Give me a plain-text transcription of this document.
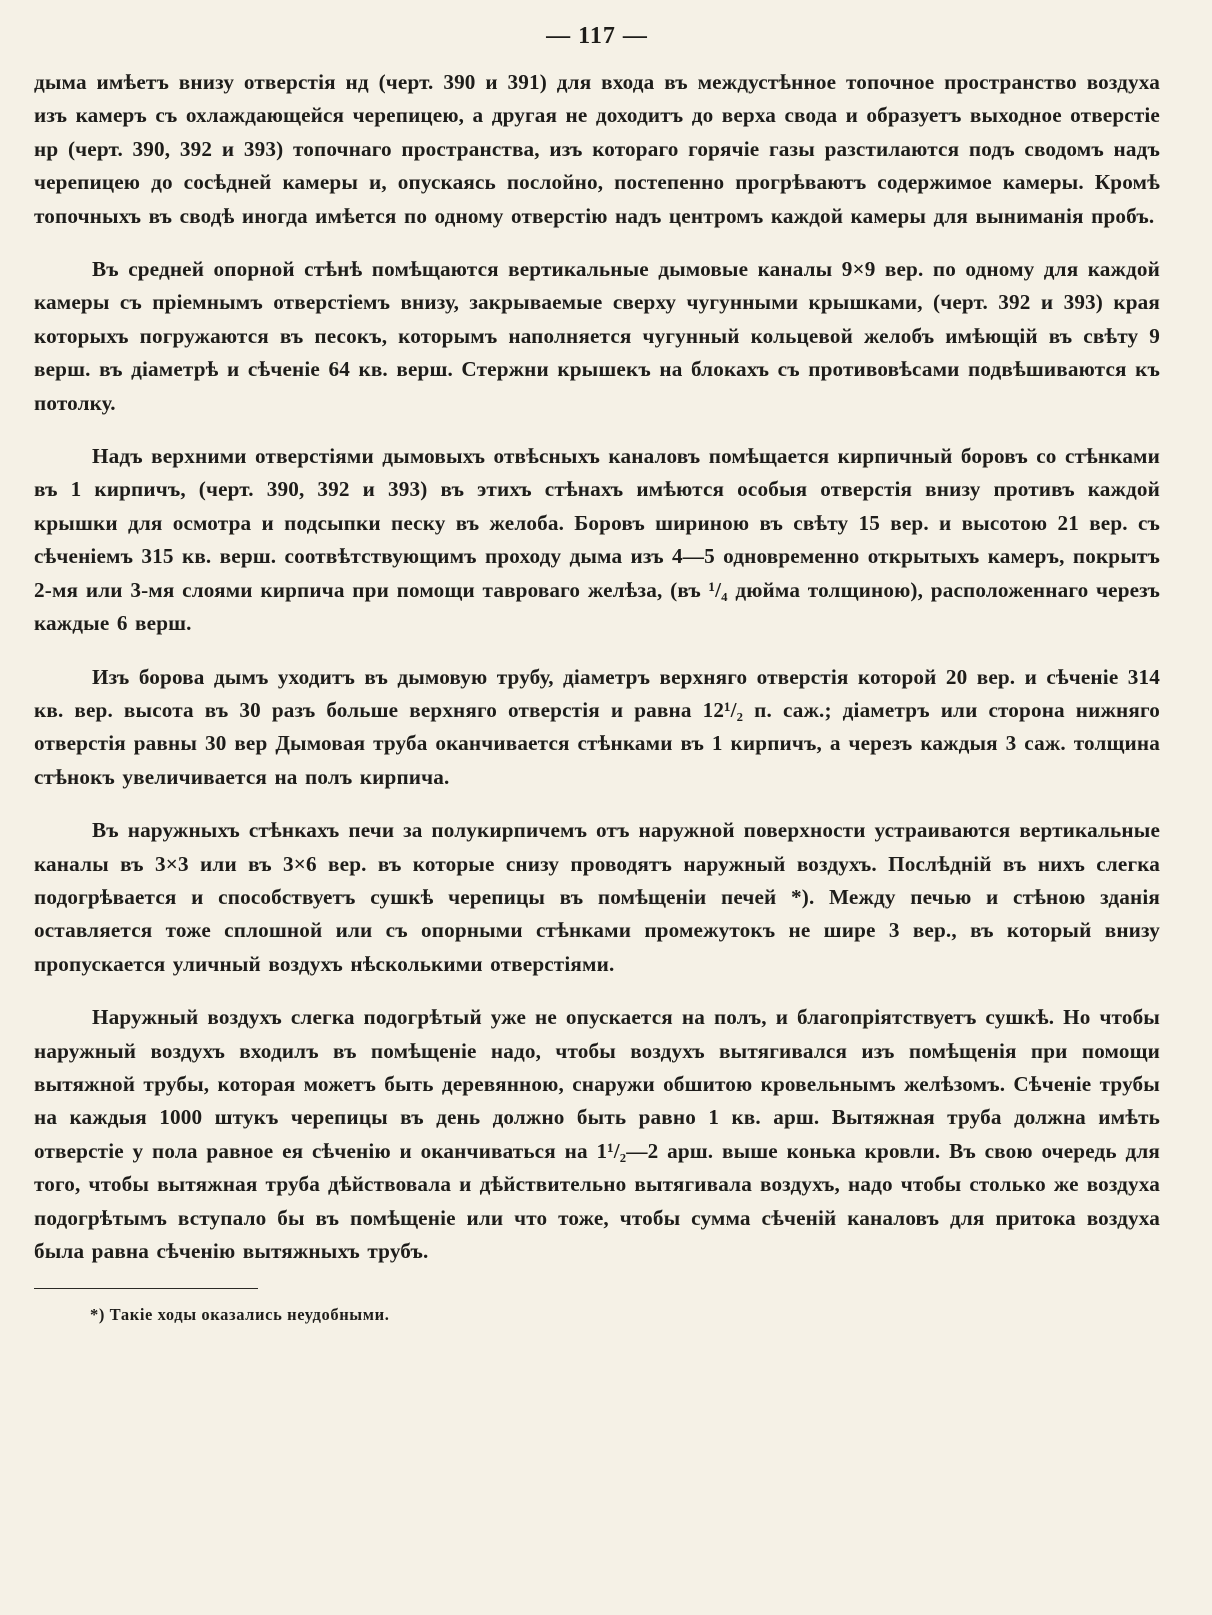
— 117 —

дыма имѣетъ внизу отверстія нд (черт. 390 и 391) для входа въ междустѣнное топочное пространство воздуха изъ камеръ съ охлаждающейся черепицею, а другая не доходитъ до верха свода и образуетъ выходное отверстіе нр (черт. 390, 392 и 393) топочнаго пространства, изъ котораго горячіе газы разстилаются подъ сводомъ надъ черепицею до сосѣдней камеры и, опускаясь послойно, постепенно прогрѣваютъ содержимое камеры. Кромѣ топочныхъ въ сводѣ иногда имѣется по одному отверстію надъ центромъ каждой камеры для выниманія пробъ.

Въ средней опорной стѣнѣ помѣщаются вертикальные дымовые каналы 9×9 вер. по одному для каждой камеры съ пріемнымъ отверстіемъ внизу, закрываемые сверху чугунными крышками, (черт. 392 и 393) края которыхъ погружаются въ песокъ, которымъ наполняется чугунный кольцевой желобъ имѣющій въ свѣту 9 верш. въ діаметрѣ и сѣченіе 64 кв. верш. Стержни крышекъ на блокахъ съ противовѣсами подвѣшиваются къ потолку.

Надъ верхними отверстіями дымовыхъ отвѣсныхъ каналовъ помѣщается кирпичный боровъ со стѣнками въ 1 кирпичъ, (черт. 390, 392 и 393) въ этихъ стѣнахъ имѣются особыя отверстія внизу противъ каждой крышки для осмотра и подсыпки песку въ желоба. Боровъ шириною въ свѣту 15 вер. и высотою 21 вер. съ сѣченіемъ 315 кв. верш. соотвѣтствующимъ проходу дыма изъ 4—5 одновременно открытыхъ камеръ, покрытъ 2-мя или 3-мя слоями кирпича при помощи тавроваго желѣза, (въ ¹/₄ дюйма толщиною), расположеннаго черезъ каждые 6 верш.

Изъ борова дымъ уходитъ въ дымовую трубу, діаметръ верхняго отверстія которой 20 вер. и сѣченіе 314 кв. вер. высота въ 30 разъ больше верхняго отверстія и равна 12¹/₂ п. саж.; діаметръ или сторона нижняго отверстія равны 30 вер Дымовая труба оканчивается стѣнками въ 1 кирпичъ, а черезъ каждыя 3 саж. толщина стѣнокъ увеличивается на полъ кирпича.

Въ наружныхъ стѣнкахъ печи за полукирпичемъ отъ наружной поверхности устраиваются вертикальные каналы въ 3×3 или въ 3×6 вер. въ которые снизу проводятъ наружный воздухъ. Послѣдній въ нихъ слегка подогрѣвается и способствуетъ сушкѣ черепицы въ помѣщеніи печей *). Между печью и стѣною зданія оставляется тоже сплошной или съ опорными стѣнками промежутокъ не шире 3 вер., въ который внизу пропускается уличный воздухъ нѣсколькими отверстіями.

Наружный воздухъ слегка подогрѣтый уже не опускается на полъ, и благопріятствуетъ сушкѣ. Но чтобы наружный воздухъ входилъ въ помѣщеніе надо, чтобы воздухъ вытягивался изъ помѣщенія при помощи вытяжной трубы, которая можетъ быть деревянною, снаружи обшитою кровельнымъ желѣзомъ. Сѣченіе трубы на каждыя 1000 штукъ черепицы въ день должно быть равно 1 кв. арш. Вытяжная труба должна имѣть отверстіе у пола равное ея сѣченію и оканчиваться на 1¹/₂—2 арш. выше конька кровли. Въ свою очередь для того, чтобы вытяжная труба дѣйствовала и дѣйствительно вытягивала воздухъ, надо чтобы столько же воздуха подогрѣтымъ вступало бы въ помѣщеніе или что тоже, чтобы сумма сѣченій каналовъ для притока воздуха была равна сѣченію вытяжныхъ трубъ.

*) Такіе ходы оказались неудобными.
